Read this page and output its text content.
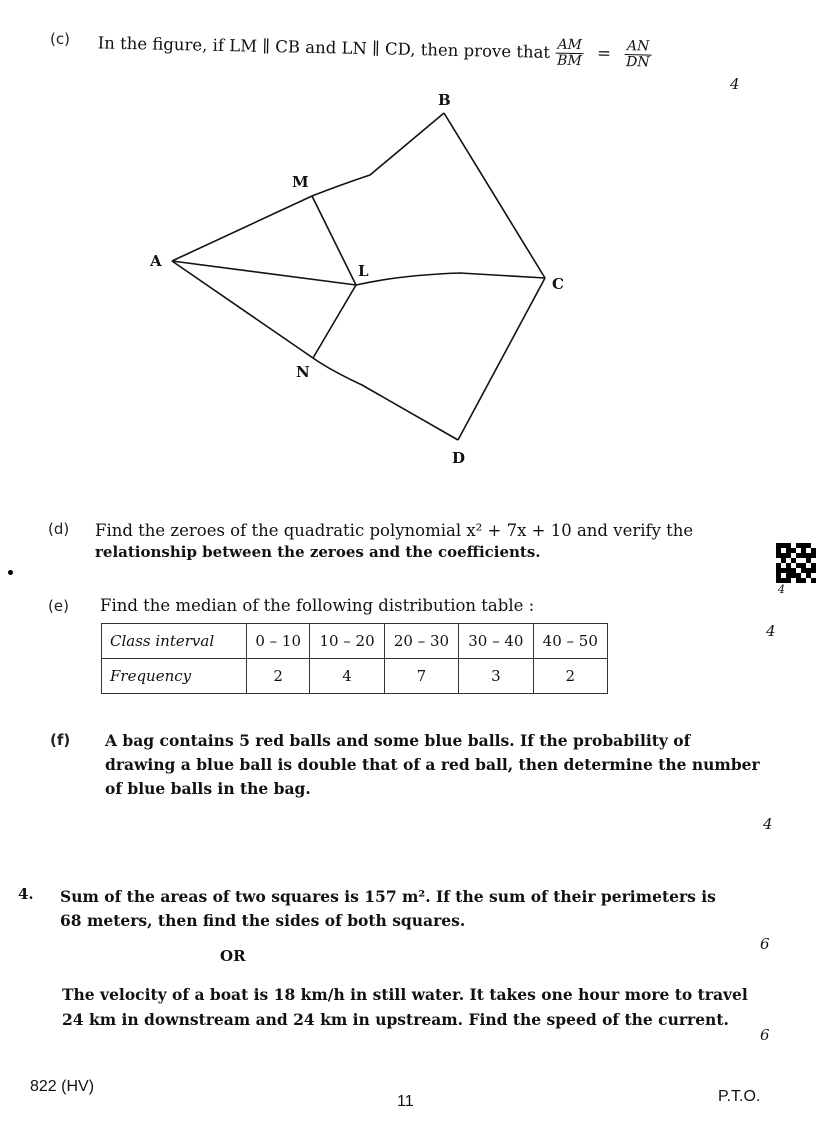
(c) In the figure, if LM ∥ CB and LN ∥ CD, then prove that $\frac{AM}{BM} = \frac{AN}{DN}$
4
B
M
A
L
C
N
D
(d) Find the zeroes of the quadratic polynomial x² + 7x + 10 and verify the
relationship between the zeroes and the coefficients.
(e) Find the median of the following distribution table :
4
Class interval	0 – 10	10 – 20	20 – 30	30 – 40	40 – 50
Frequency	2	4	7	3	2
(f) A bag contains 5 red balls and some blue balls. If the probability of
drawing a blue ball is double that of a red ball, then determine the number
of blue balls in the bag.
4
4. Sum of the areas of two squares is 157 m². If the sum of their perimeters is
68 meters, then find the sides of both squares.
6
OR
The velocity of a boat is 18 km/h in still water. It takes one hour more to travel
24 km in downstream and 24 km in upstream. Find the speed of the current.
6
4
822 (HV)
11	P.T.O.
